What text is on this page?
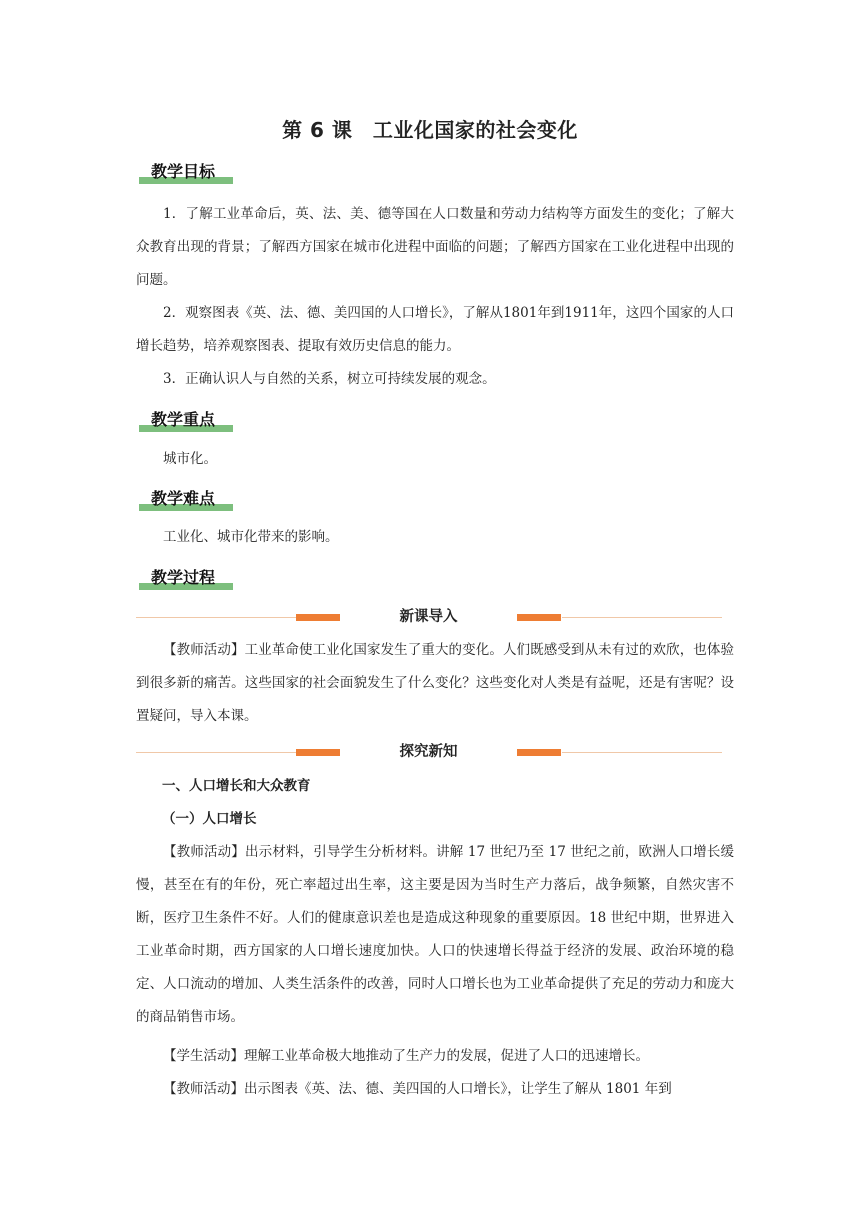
第 6 课　工业化国家的社会变化
教学目标

1．了解工业革命后，英、法、美、德等国在人口数量和劳动力结构等方面发生的变化；了解大众教育出现的背景；了解西方国家在城市化进程中面临的问题；了解西方国家在工业化进程中出现的问题。

2．观察图表《英、法、德、美四国的人口增长》，了解从1801年到1911年，这四个国家的人口增长趋势，培养观察图表、提取有效历史信息的能力。

3．正确认识人与自然的关系，树立可持续发展的观念。

教学重点

城市化。

教学难点

工业化、城市化带来的影响。

教学过程
新课导入

【教师活动】工业革命使工业化国家发生了重大的变化。人们既感受到从未有过的欢欣，也体验到很多新的痛苦。这些国家的社会面貌发生了什么变化？这些变化对人类是有益呢，还是有害呢？设置疑问，导入本课。

探究新知
一、人口增长和大众教育
（一）人口增长

【教师活动】出示材料，引导学生分析材料。讲解 17 世纪乃至 17 世纪之前，欧洲人口增长缓慢，甚至在有的年份，死亡率超过出生率，这主要是因为当时生产力落后，战争频繁，自然灾害不断，医疗卫生条件不好。人们的健康意识差也是造成这种现象的重要原因。18 世纪中期，世界进入工业革命时期，西方国家的人口增长速度加快。人口的快速增长得益于经济的发展、政治环境的稳定、人口流动的增加、人类生活条件的改善，同时人口增长也为工业革命提供了充足的劳动力和庞大的商品销售市场。

【学生活动】理解工业革命极大地推动了生产力的发展，促进了人口的迅速增长。

【教师活动】出示图表《英、法、德、美四国的人口增长》，让学生了解从 1801 年到
